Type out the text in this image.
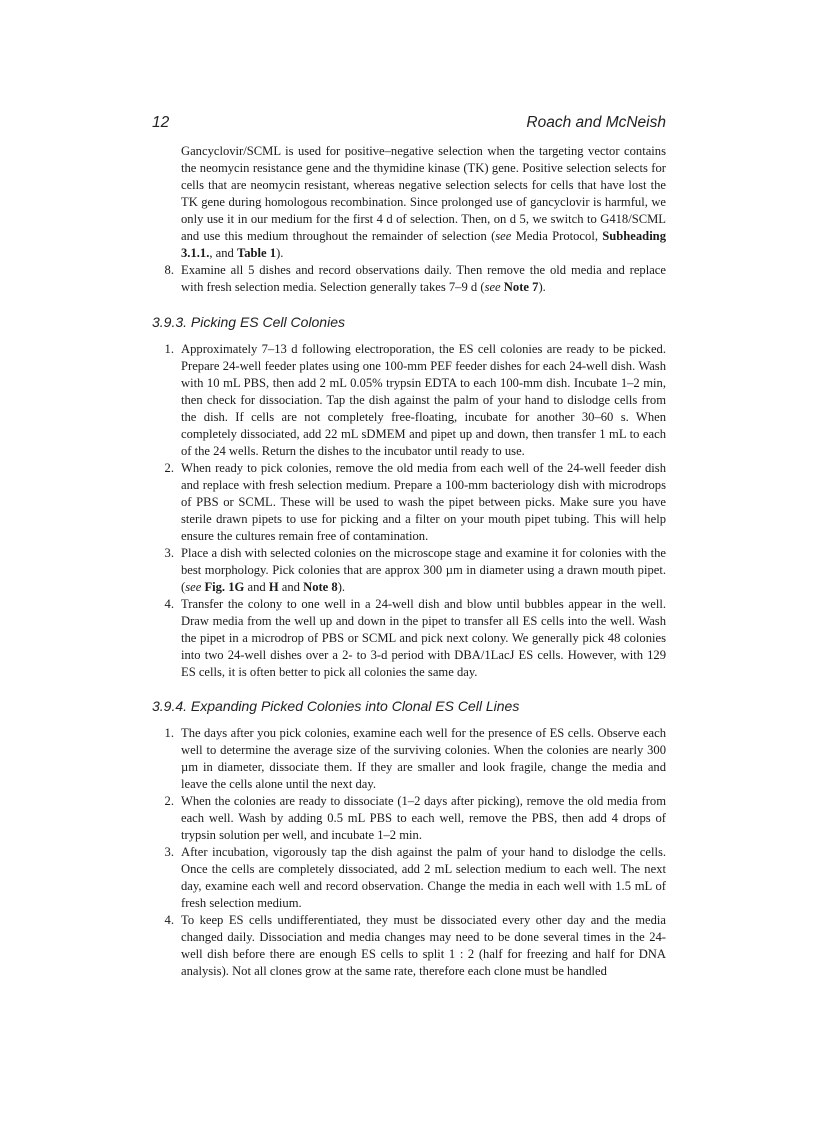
12	Roach and McNeish

Gancyclovir/SCML is used for positive–negative selection when the targeting vector contains the neomycin resistance gene and the thymidine kinase (TK) gene. Positive selection selects for cells that are neomycin resistant, whereas negative selection selects for cells that have lost the TK gene during homologous recombination. Since prolonged use of gancyclovir is harmful, we only use it in our medium for the first 4 d of selection. Then, on d 5, we switch to G418/SCML and use this medium throughout the remainder of selection (see Media Protocol, Subheading 3.1.1., and Table 1).

8. Examine all 5 dishes and record observations daily. Then remove the old media and replace with fresh selection media. Selection generally takes 7–9 d (see Note 7).
3.9.3. Picking ES Cell Colonies
1. Approximately 7–13 d following electroporation, the ES cell colonies are ready to be picked. Prepare 24-well feeder plates using one 100-mm PEF feeder dishes for each 24-well dish. Wash with 10 mL PBS, then add 2 mL 0.05% trypsin EDTA to each 100-mm dish. Incubate 1–2 min, then check for dissociation. Tap the dish against the palm of your hand to dislodge cells from the dish. If cells are not completely free-floating, incubate for another 30–60 s. When completely dissociated, add 22 mL sDMEM and pipet up and down, then transfer 1 mL to each of the 24 wells. Return the dishes to the incubator until ready to use.
2. When ready to pick colonies, remove the old media from each well of the 24-well feeder dish and replace with fresh selection medium. Prepare a 100-mm bacteriology dish with microdrops of PBS or SCML. These will be used to wash the pipet between picks. Make sure you have sterile drawn pipets to use for picking and a filter on your mouth pipet tubing. This will help ensure the cultures remain free of contamination.
3. Place a dish with selected colonies on the microscope stage and examine it for colonies with the best morphology. Pick colonies that are approx 300 µm in diameter using a drawn mouth pipet. (see Fig. 1G and H and Note 8).
4. Transfer the colony to one well in a 24-well dish and blow until bubbles appear in the well. Draw media from the well up and down in the pipet to transfer all ES cells into the well. Wash the pipet in a microdrop of PBS or SCML and pick next colony. We generally pick 48 colonies into two 24-well dishes over a 2- to 3-d period with DBA/1LacJ ES cells. However, with 129 ES cells, it is often better to pick all colonies the same day.
3.9.4. Expanding Picked Colonies into Clonal ES Cell Lines
1. The days after you pick colonies, examine each well for the presence of ES cells. Observe each well to determine the average size of the surviving colonies. When the colonies are nearly 300 µm in diameter, dissociate them. If they are smaller and look fragile, change the media and leave the cells alone until the next day.
2. When the colonies are ready to dissociate (1–2 days after picking), remove the old media from each well. Wash by adding 0.5 mL PBS to each well, remove the PBS, then add 4 drops of trypsin solution per well, and incubate 1–2 min.
3. After incubation, vigorously tap the dish against the palm of your hand to dislodge the cells. Once the cells are completely dissociated, add 2 mL selection medium to each well. The next day, examine each well and record observation. Change the media in each well with 1.5 mL of fresh selection medium.
4. To keep ES cells undifferentiated, they must be dissociated every other day and the media changed daily. Dissociation and media changes may need to be done several times in the 24-well dish before there are enough ES cells to split 1 : 2 (half for freezing and half for DNA analysis). Not all clones grow at the same rate, therefore each clone must be handled
